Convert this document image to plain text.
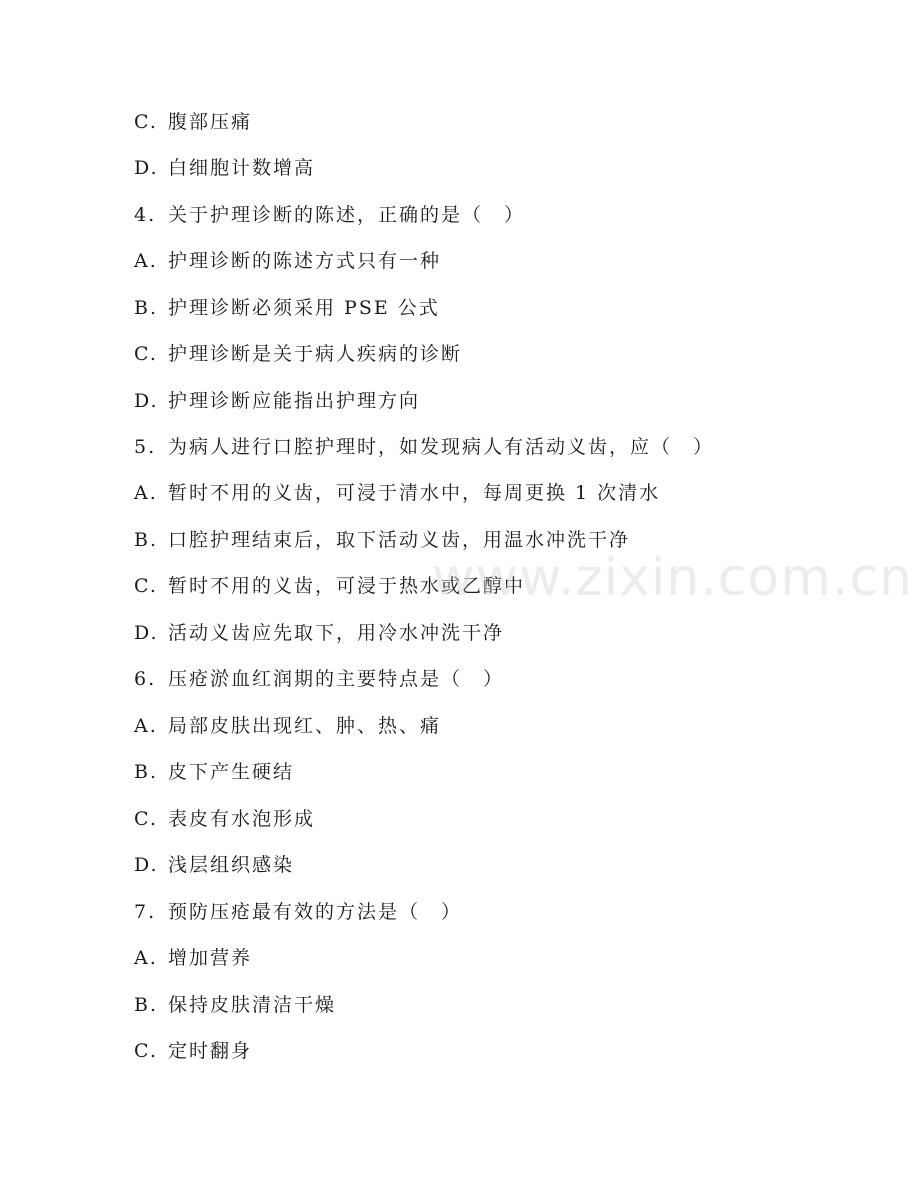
C. 腹部压痛
D. 白细胞计数增高
4. 关于护理诊断的陈述，正确的是（　）
A. 护理诊断的陈述方式只有一种
B. 护理诊断必须采用 PSE 公式
C. 护理诊断是关于病人疾病的诊断
D. 护理诊断应能指出护理方向
5. 为病人进行口腔护理时，如发现病人有活动义齿，应（　）
A. 暂时不用的义齿，可浸于清水中，每周更换 1 次清水
B. 口腔护理结束后，取下活动义齿，用温水冲洗干净
C. 暂时不用的义齿，可浸于热水或乙醇中
D. 活动义齿应先取下，用冷水冲洗干净
6. 压疮淤血红润期的主要特点是（　）
A. 局部皮肤出现红、肿、热、痛
B. 皮下产生硬结
C. 表皮有水泡形成
D. 浅层组织感染
7. 预防压疮最有效的方法是（　）
A. 增加营养
B. 保持皮肤清洁干燥
C. 定时翻身
www.zixin.com.cn
